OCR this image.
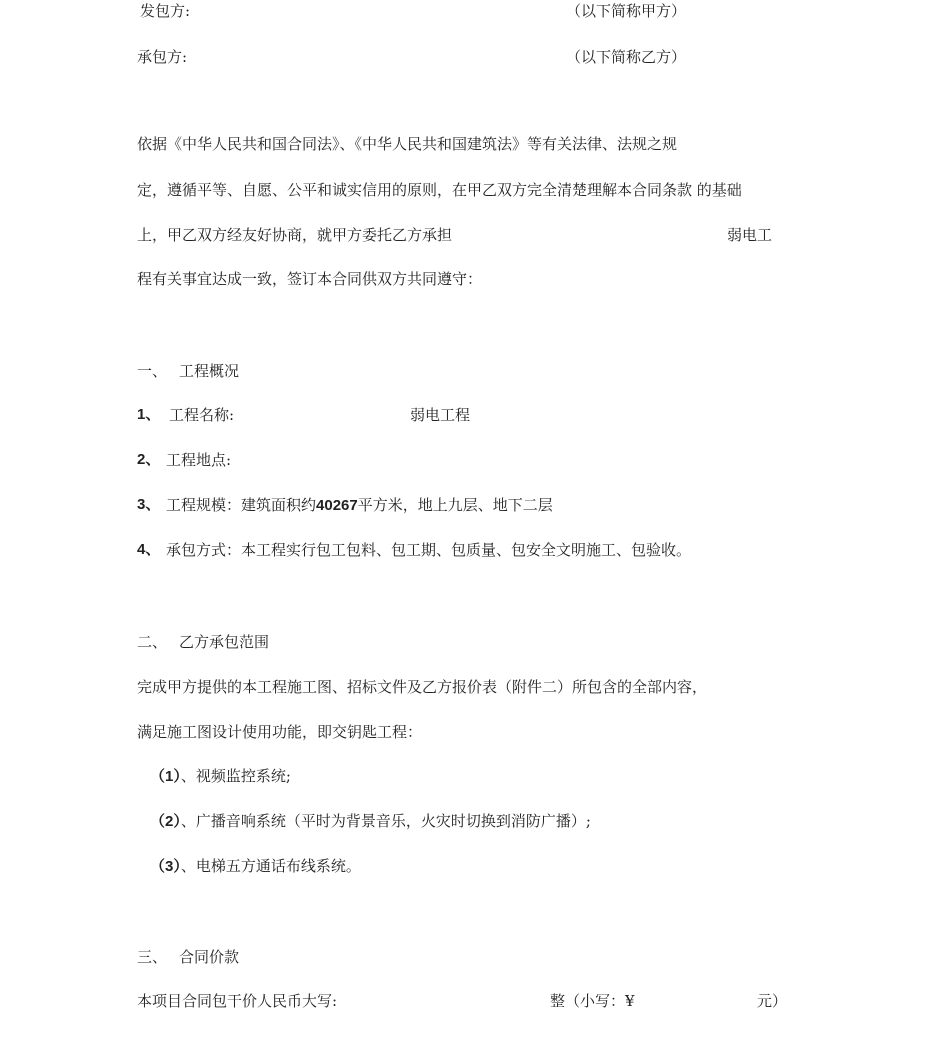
发包方:	（以下简称甲方）
承包方:	（以下简称乙方）
依据《中华人民共和国合同法》、《中华人民共和国建筑法》等有关法律、法规之规
定，遵循平等、自愿、公平和诚实信用的原则，在甲乙双方完全清楚理解本合同条款 的基础
上，甲乙双方经友好协商，就甲方委托乙方承担	弱电工
程有关事宜达成一致，签订本合同供双方共同遵守：
一、 工程概况
1、 工程名称:	弱电工程
2、 工程地点:
3、 工程规模：建筑面积约40267平方米，地上九层、地下二层
4、 承包方式：本工程实行包工包料、包工期、包质量、包安全文明施工、包验收。
二、 乙方承包范围
完成甲方提供的本工程施工图、招标文件及乙方报价表（附件二）所包含的全部内容，
满足施工图设计使用功能，即交钥匙工程：
（1）、视频监控系统;
（2）、广播音响系统（平时为背景音乐，火灾时切换到消防广播）;
（3）、电梯五方通话布线系统。
三、 合同价款
本项目合同包干价人民币大写:	整（小写：¥	元）
